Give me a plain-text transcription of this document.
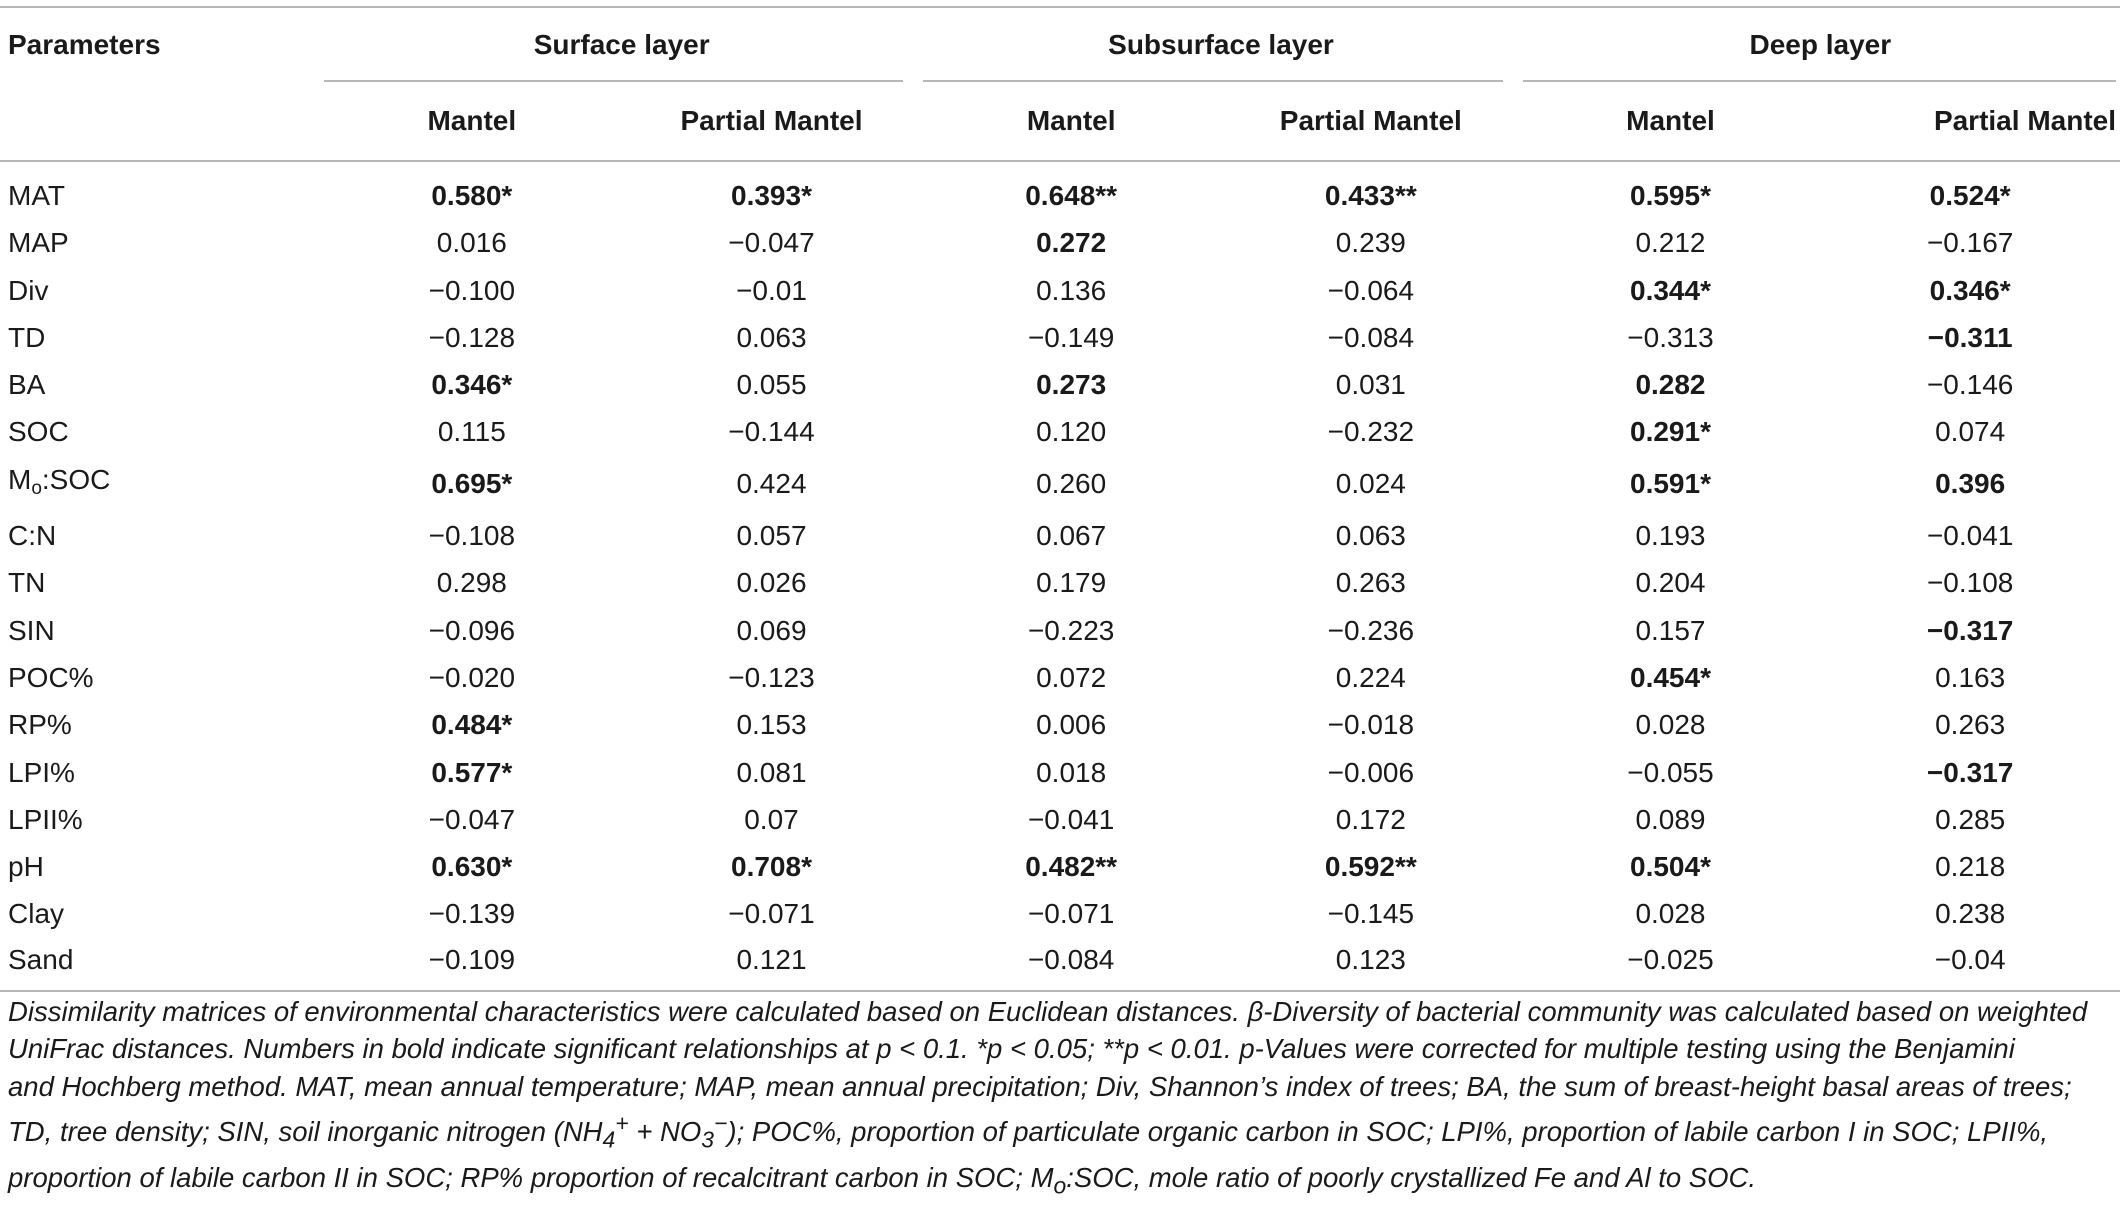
Parameters	Surface layer		Subsurface layer		Deep layer	

	Mantel	Partial Mantel	Mantel	Partial Mantel	Mantel	Partial Mantel
MAT	0.580*	0.393*	0.648**	0.433**	0.595*	0.524*
MAP	0.016	−0.047	0.272	0.239	0.212	−0.167
Div	−0.100	−0.01	0.136	−0.064	0.344*	0.346*
TD	−0.128	0.063	−0.149	−0.084	−0.313	−0.311
BA	0.346*	0.055	0.273	0.031	0.282	−0.146
SOC	0.115	−0.144	0.120	−0.232	0.291*	0.074
$M_o:SOC$	0.695*	0.424	0.260	0.024	0.591*	0.396
C:N	−0.108	0.057	0.067	0.063	0.193	−0.041
TN	0.298	0.026	0.179	0.263	0.204	−0.108
SIN	−0.096	0.069	−0.223	−0.236	0.157	−0.317
POC%	−0.020	−0.123	0.072	0.224	0.454*	0.163
RP%	0.484*	0.153	0.006	−0.018	0.028	0.263
LPI%	0.577*	0.081	0.018	−0.006	−0.055	−0.317
LPII%	−0.047	0.07	−0.041	0.172	0.089	0.285
pH	0.630*	0.708*	0.482**	0.592**	0.504*	0.218
Clay	−0.139	−0.071	−0.071	−0.145	0.028	0.238
Sand	−0.109	0.121	−0.084	0.123	−0.025	−0.04
Dissimilarity matrices of environmental characteristics were calculated based on Euclidean distances. β-Diversity of bacterial community was calculated based on weighted
UniFrac distances. Numbers in bold indicate significant relationships at p < 0.1. *p < 0.05; **p < 0.01. p-Values were corrected for multiple testing using the Benjamini
and Hochberg method. MAT, mean annual temperature; MAP, mean annual precipitation; Div, Shannon’s index of trees; BA, the sum of breast-height basal areas of trees;
TD, tree density; SIN, soil inorganic nitrogen $(NH_4^+ + NO_3^-)$; POC%, proportion of particulate organic carbon in SOC; LPI%, proportion of labile carbon I in SOC; LPII%,
proportion of labile carbon II in SOC; RP% proportion of recalcitrant carbon in SOC; $M_o:SOC$, mole ratio of poorly crystallized Fe and Al to SOC.
